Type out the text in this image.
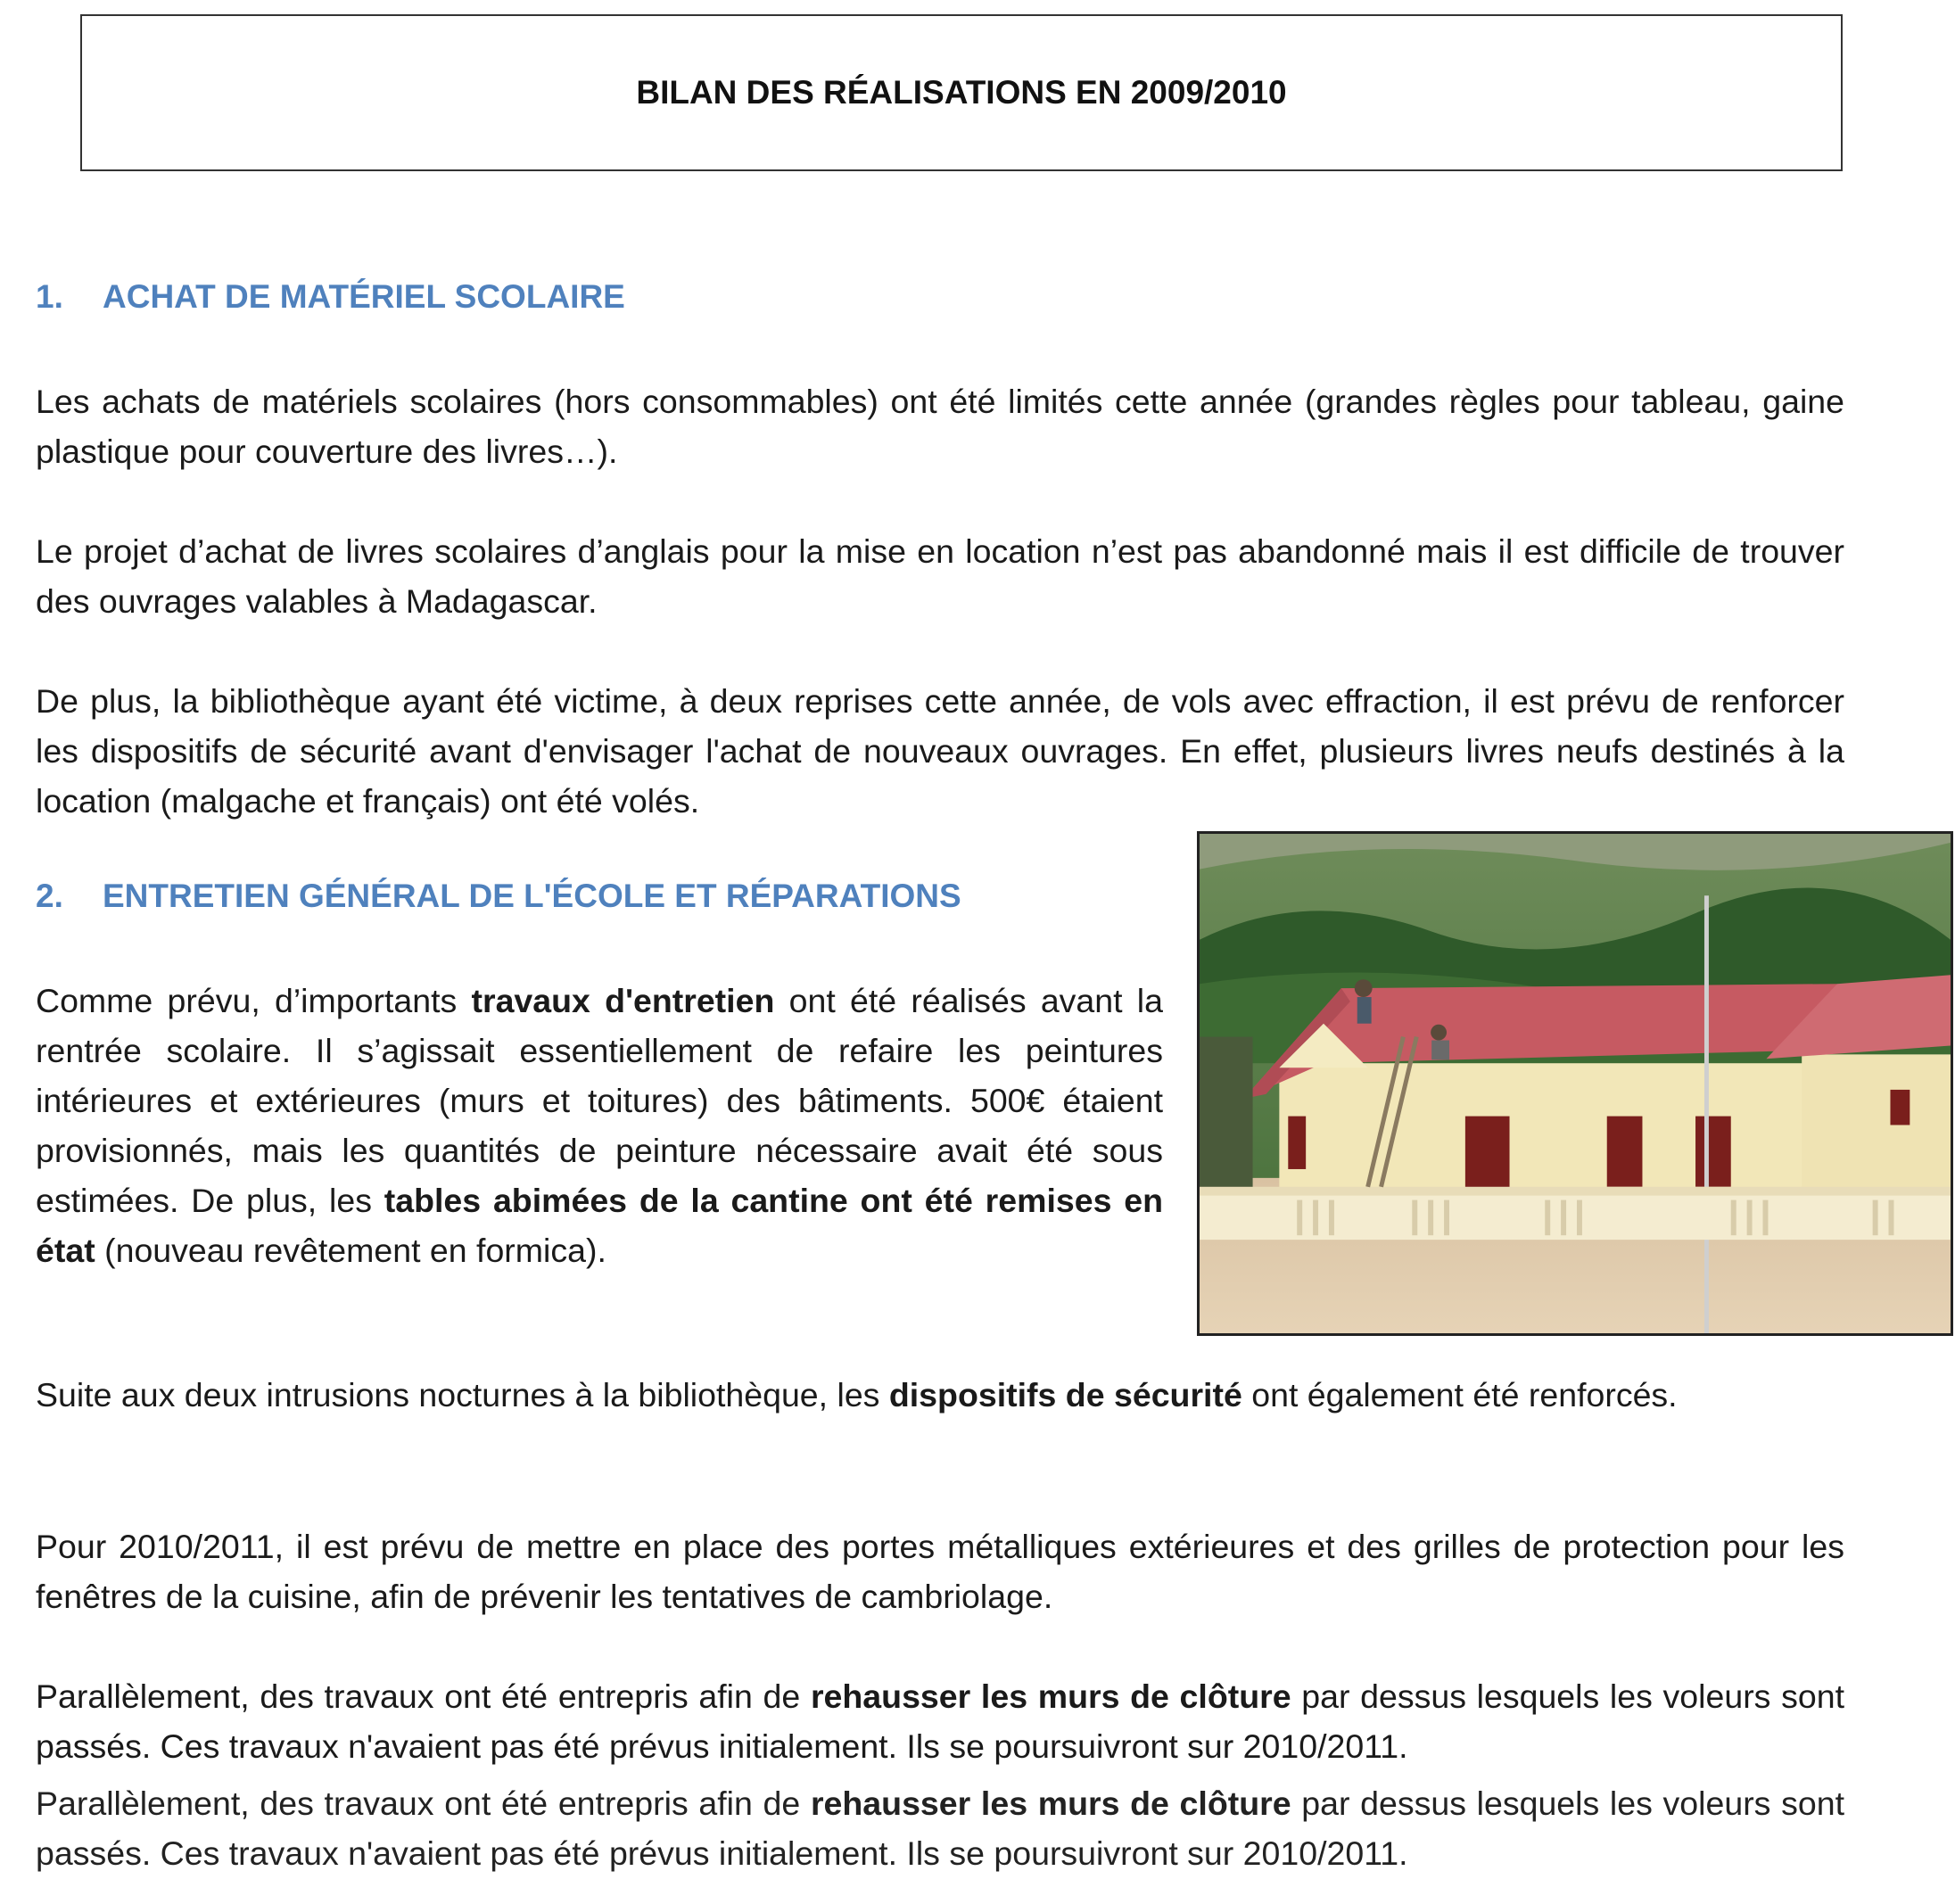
BILAN DES RÉALISATIONS EN 2009/2010
1. ACHAT DE MATÉRIEL SCOLAIRE

Les achats de matériels scolaires (hors consommables) ont été limités cette année (grandes règles pour tableau, gaine plastique pour couverture des livres…).

Le projet d’achat de livres scolaires d’anglais pour la mise en location n’est pas abandonné mais il est difficile de trouver des ouvrages valables à Madagascar.

De plus, la bibliothèque ayant été victime, à deux reprises cette année, de vols avec effraction, il est prévu de renforcer les dispositifs de sécurité avant d'envisager l'achat de nouveaux ouvrages. En effet, plusieurs livres neufs destinés à la location (malgache et français) ont été volés.

2. ENTRETIEN GÉNÉRAL DE L'ÉCOLE ET RÉPARATIONS

Comme prévu, d’importants travaux d'entretien ont été réalisés avant la rentrée scolaire. Il s’agissait essentiellement de refaire les peintures intérieures et extérieures (murs et toitures) des bâtiments. 500€ étaient provisionnés, mais les quantités de peinture nécessaire avait été sous estimées. De plus, les tables abimées de la cantine ont été remises en état (nouveau revêtement en formica).

Suite aux deux intrusions nocturnes à la bibliothèque, les dispositifs de sécurité ont également été renforcés.

Pour 2010/2011, il est prévu de mettre en place des portes métalliques extérieures et des grilles de protection pour les fenêtres de la cuisine, afin de prévenir les tentatives de cambriolage.

Parallèlement, des travaux ont été entrepris afin de rehausser les murs de clôture par dessus lesquels les voleurs sont passés. Ces travaux n'avaient pas été prévus initialement. Ils se poursuivront sur 2010/2011.

Parallèlement, des travaux ont été entrepris afin de rehausser les murs de clôture par dessus lesquels les voleurs sont passés. Ces travaux n'avaient pas été prévus initialement. Ils se poursuivront sur 2010/2011.
